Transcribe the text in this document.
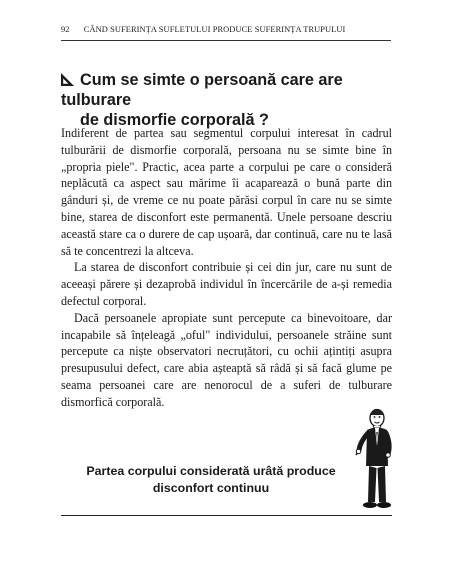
92 CÂND SUFERINȚA SUFLETULUI PRODUCE SUFERINȚA TRUPULUI
Cum se simte o persoană care are tulburare
de dismorfie corporală ?

Indiferent de partea sau segmentul corpului interesat în cadrul tulburării de dismorfie corporală, persoana nu se simte bine în „propria piele". Practic, acea parte a corpului pe care o consideră neplăcută ca aspect sau mărime îi acaparează o bună parte din gânduri și, de vreme ce nu poate părăsi corpul în care nu se simte bine, starea de disconfort este permanentă. Unele persoane descriu această stare ca o durere de cap ușoară, dar continuă, care nu te lasă să te concentrezi la altceva.

La starea de disconfort contribuie și cei din jur, care nu sunt de aceeași părere și dezaprobă individul în încercările de a-și remedia defectul corporal.

Dacă persoanele apropiate sunt percepute ca binevoitoare, dar incapabile să înțeleagă „oful" individului, persoanele străine sunt percepute ca niște observatori necruțători, cu ochii ațintiți asupra presupusului defect, care abia așteaptă să râdă și să facă glume pe seama persoanei care are nenorocul de a suferi de tulburare dismorfică corporală.

Partea corpului considerată urâtă produce
disconfort continuu
